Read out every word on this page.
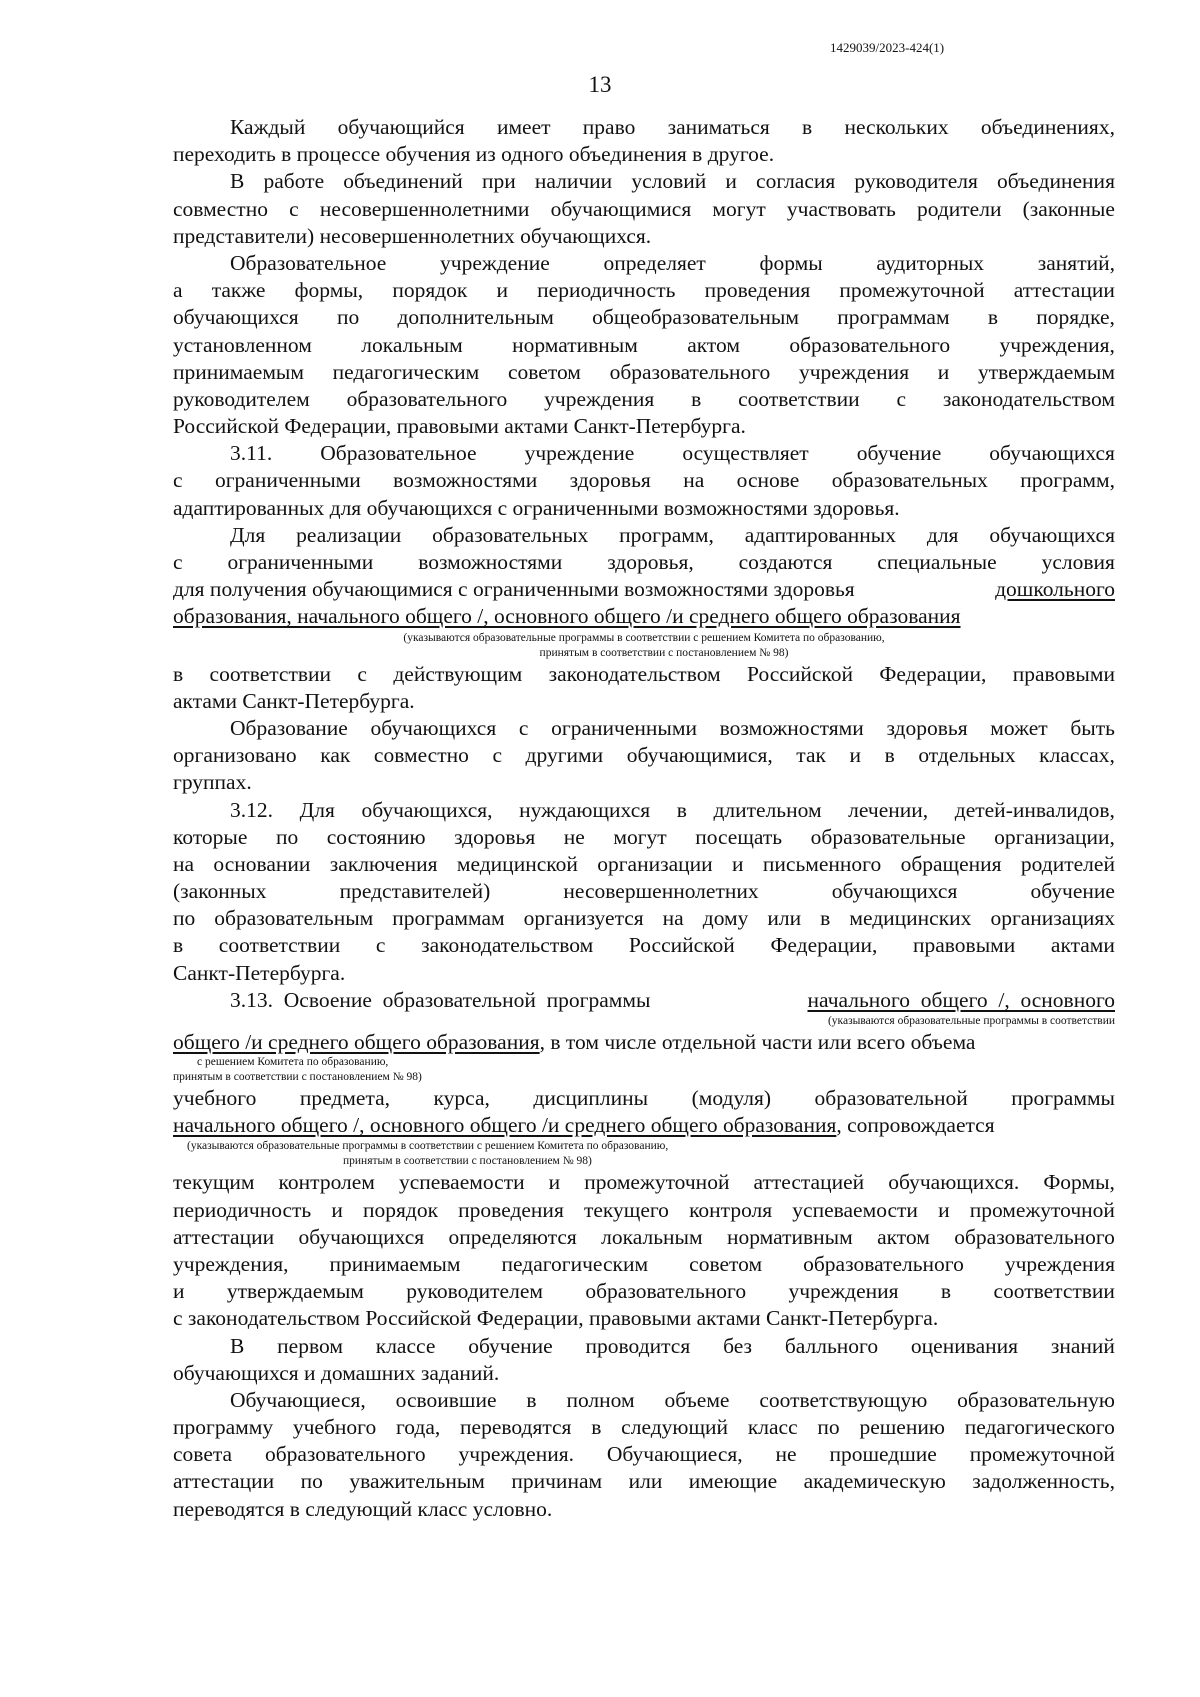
1429039/2023-424(1)
13
Каждый обучающийся имеет право заниматься в нескольких объединениях,
переходить в процессе обучения из одного объединения в другое.
В работе объединений при наличии условий и согласия руководителя объединения
совместно с несовершеннолетними обучающимися могут участвовать родители (законные
представители) несовершеннолетних обучающихся.
Образовательное учреждение определяет формы аудиторных занятий,
а также формы, порядок и периодичность проведения промежуточной аттестации
обучающихся по дополнительным общеобразовательным программам в порядке,
установленном локальным нормативным актом образовательного учреждения,
принимаемым педагогическим советом образовательного учреждения и утверждаемым
руководителем образовательного учреждения в соответствии с законодательством
Российской Федерации, правовыми актами Санкт-Петербурга.
3.11. Образовательное учреждение осуществляет обучение обучающихся
с ограниченными возможностями здоровья на основе образовательных программ,
адаптированных для обучающихся с ограниченными возможностями здоровья.
Для реализации образовательных программ, адаптированных для обучающихся
с ограниченными возможностями здоровья, создаются специальные условия
для получения обучающимися с ограниченными возможностями здоровья	дошкольного
образования, начального общего /, основного общего /и среднего общего образования
(указываются образовательные программы в соответствии с решением Комитета по образованию,
принятым в соответствии с постановлением № 98)
в соответствии с действующим законодательством Российской Федерации, правовыми
актами Санкт-Петербурга.
Образование обучающихся с ограниченными возможностями здоровья может быть
организовано как совместно с другими обучающимися, так и в отдельных классах,
группах.
3.12. Для обучающихся, нуждающихся в длительном лечении, детей-инвалидов,
которые по состоянию здоровья не могут посещать образовательные организации,
на основании заключения медицинской организации и письменного обращения родителей
(законных	представителей)	несовершеннолетних	обучающихся	обучение
по образовательным программам организуется на дому или в медицинских организациях
в соответствии с законодательством Российской Федерации, правовыми актами
Санкт-Петербурга.
3.13.  Освоение  образовательной  программы	начального  общего  /,  основного
(указываются образовательные программы в соответствии
общего /и среднего общего образования , в том числе отдельной части или всего объема
с решением Комитета по образованию,
принятым в соответствии с постановлением № 98)
учебного предмета, курса, дисциплины (модуля) образовательной программы
начального общего /, основного общего /и среднего общего образования , сопровождается
(указываются образовательные программы в соответствии с решением Комитета по образованию,
принятым в соответствии с постановлением № 98)
текущим контролем успеваемости и промежуточной аттестацией обучающихся. Формы,
периодичность и порядок проведения текущего контроля успеваемости и промежуточной
аттестации обучающихся определяются локальным нормативным актом образовательного
учреждения, принимаемым педагогическим советом образовательного учреждения
и утверждаемым руководителем образовательного учреждения в соответствии
с законодательством Российской Федерации, правовыми актами Санкт-Петербурга.
В первом классе обучение проводится без балльного оценивания знаний
обучающихся и домашних заданий.
Обучающиеся, освоившие в полном объеме соответствующую образовательную
программу учебного года, переводятся в следующий класс по решению педагогического
совета образовательного учреждения. Обучающиеся, не прошедшие промежуточной
аттестации по уважительным причинам или имеющие академическую задолженность,
переводятся в следующий класс условно.
